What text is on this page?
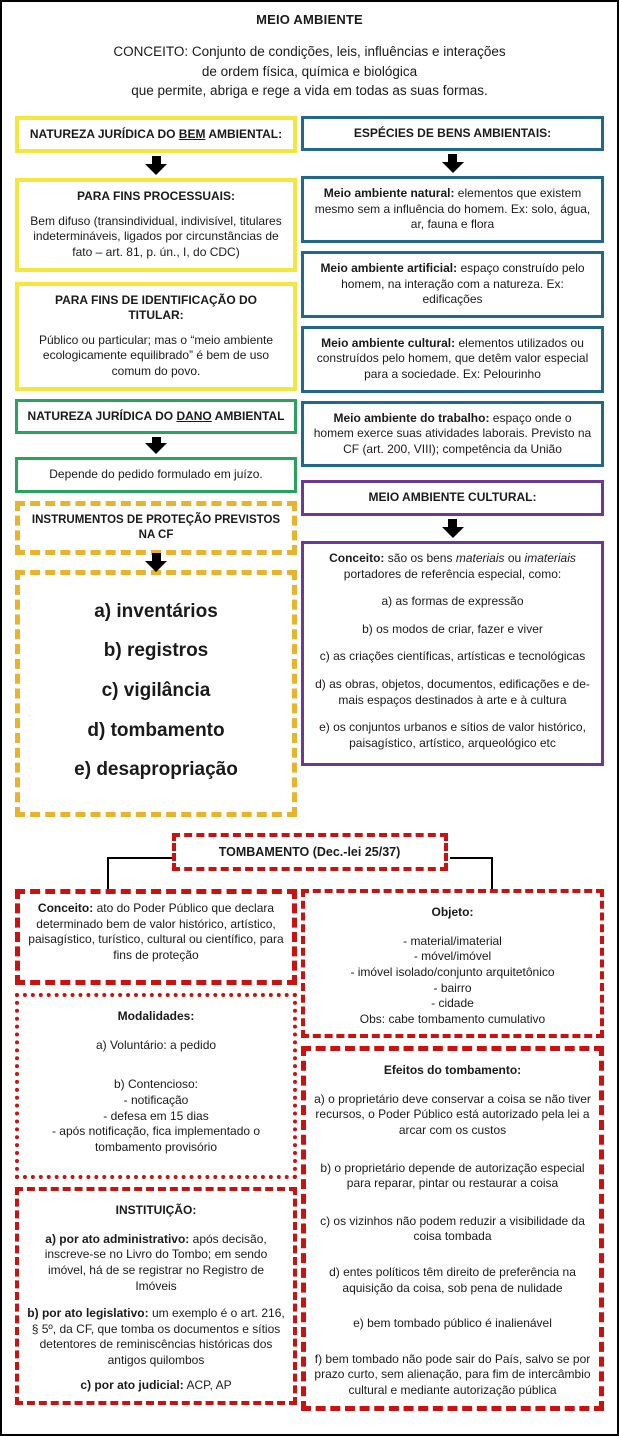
MEIO AMBIENTE
CONCEITO: Conjunto de condições, leis, influências e interações
de ordem física, química e biológica
que permite, abriga e rege a vida em todas as suas formas.
NATUREZA JURÍDICA DO BEM AMBIENTAL:
PARA FINS PROCESSUAIS:
Bem difuso (transindividual, indivisível, titulares indetermináveis, ligados por circunstâncias de fato – art. 81, p. ún., I, do CDC)
PARA FINS DE IDENTIFICAÇÃO DO TITULAR:
Público ou particular; mas o “meio ambiente ecologicamente equilibrado” é bem de uso comum do povo.
NATUREZA JURÍDICA DO DANO AMBIENTAL
Depende do pedido formulado em juízo.
INSTRUMENTOS DE PROTEÇÃO PREVISTOS NA CF
a) inventários
b) registros
c) vigilância
d) tombamento
e) desapropriação
ESPÉCIES DE BENS AMBIENTAIS:
Meio ambiente natural: elementos que existem mesmo sem a influência do homem. Ex: solo, água, ar, fauna e flora
Meio ambiente artificial: espaço construído pelo homem, na interação com a natureza. Ex: edificações
Meio ambiente cultural: elementos utilizados ou construídos pelo homem, que detêm valor especial para a sociedade. Ex: Pelourinho
Meio ambiente do trabalho: espaço onde o homem exerce suas atividades laborais. Previsto na CF (art. 200, VIII); competência da União
MEIO AMBIENTE CULTURAL:
Conceito: são os bens materiais ou imateriais portadores de referência especial, como:
a) as formas de expressão
b) os modos de criar, fazer e viver
c) as criações científicas, artísticas e tecnológicas
d) as obras, objetos, documentos, edificações e de-mais espaços destinados à arte e à cultura
e) os conjuntos urbanos e sítios de valor histórico, paisagístico, artístico, arqueológico etc
TOMBAMENTO (Dec.-lei 25/37)
Conceito: ato do Poder Público que declara determinado bem de valor histórico, artístico, paisagístico, turístico, cultural ou científico, para fins de proteção
Modalidades:
a) Voluntário: a pedido
b) Contencioso:
- notificação
- defesa em 15 dias
- após notificação, fica implementado o tombamento provisório
INSTITUIÇÃO:
a) por ato administrativo: após decisão, inscreve-se no Livro do Tombo; em sendo imóvel, há de se registrar no Registro de Imóveis
b) por ato legislativo: um exemplo é o art. 216, § 5º, da CF, que tomba os documentos e sítios detentores de reminiscências históricas dos antigos quilombos
c) por ato judicial: ACP, AP
Objeto:
- material/imaterial
- móvel/imóvel
- imóvel isolado/conjunto arquitetônico
- bairro
- cidade
Obs: cabe tombamento cumulativo
Efeitos do tombamento:
a) o proprietário deve conservar a coisa se não tiver recursos, o Poder Público está autorizado pela lei a arcar com os custos
b) o proprietário depende de autorização especial para reparar, pintar ou restaurar a coisa
c) os vizinhos não podem reduzir a visibilidade da coisa tombada
d) entes políticos têm direito de preferência na aquisição da coisa, sob pena de nulidade
e) bem tombado público é inalienável
f) bem tombado não pode sair do País, salvo se por prazo curto, sem alienação, para fim de intercâmbio cultural e mediante autorização pública
